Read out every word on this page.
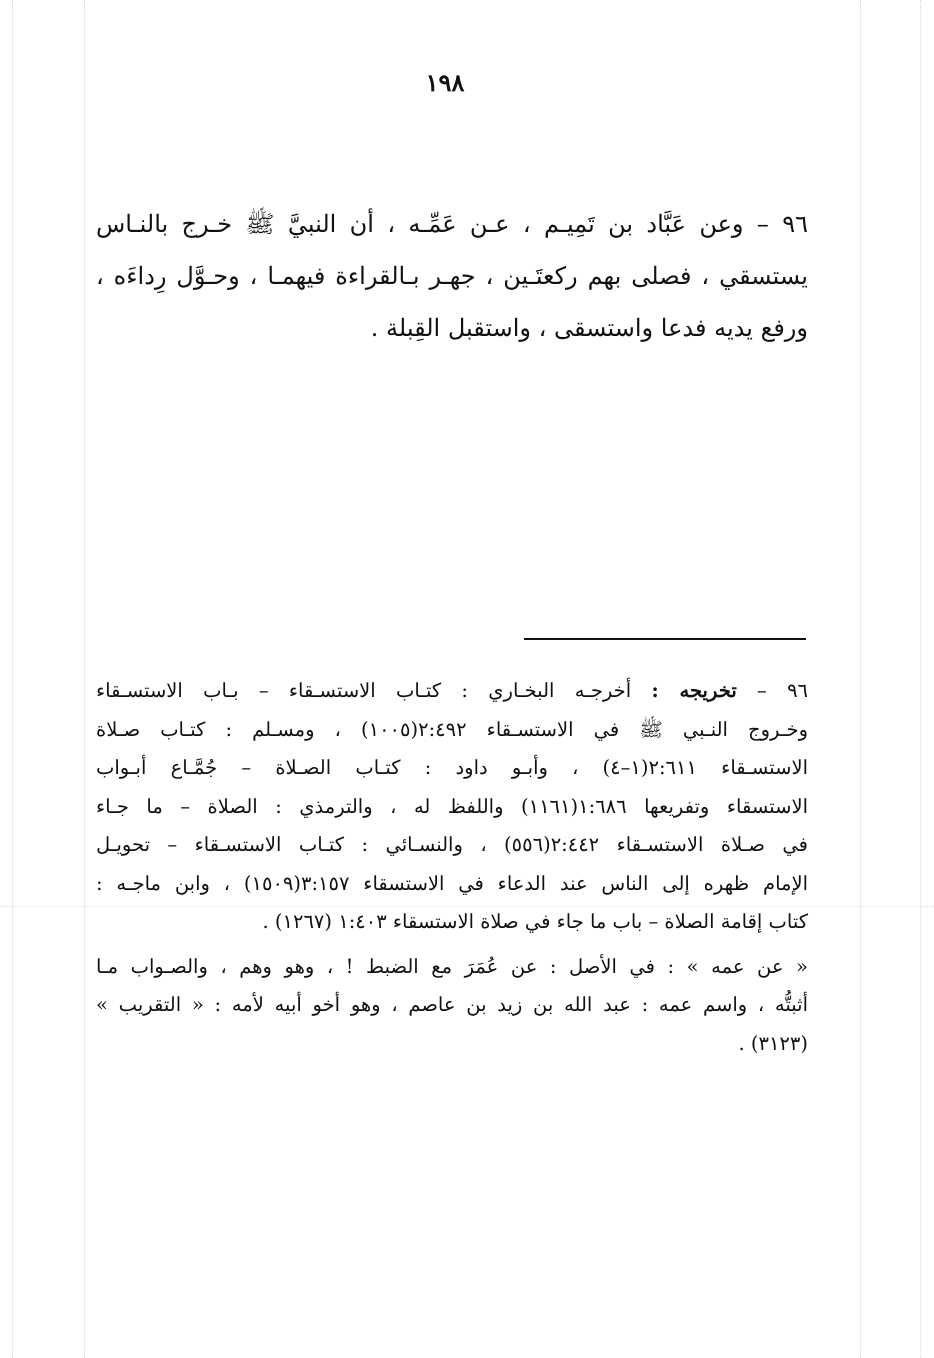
١٩٨
٩٦ – وعن عَبَّاد بن تَمِيـم ، عـن عَمِّـه ، أن النبيَّ ﷺ خـرج بالنـاس
يستسقي ، فصلى بهم ركعتَـين ، جهـر بـالقراءة فيهمـا ، وحـوَّل رِداءَه ،
ورفع يديه فدعا واستسقى ، واستقبل القِبلة .
٩٦ – تخريجه : أخرجـه البخـاري : كتـاب الاستسـقاء – بـاب الاستسـقاء
وخـروج النـبي ﷺ في الاستسـقاء ٢:٤٩٢(١٠٠٥) ، ومسـلم : كتـاب صـلاة
الاستسـقاء ٢:٦١١(١–٤) ، وأبـو داود : كتـاب الصـلاة – جُمَّـاع أبـواب
الاستسقاء وتفريعها ١:٦٨٦(١١٦١) واللفظ له ، والترمذي : الصلاة – ما جـاء
في صـلاة الاستسـقاء ٢:٤٤٢(٥٥٦) ، والنسـائي : كتـاب الاستسـقاء – تحويـل
الإمام ظهره إلى الناس عند الدعاء في الاستسقاء ٣:١٥٧(١٥٠٩) ، وابن ماجـه :
كتاب إقامة الصلاة – باب ما جاء في صلاة الاستسقاء ١:٤٠٣ (١٢٦٧) .
« عن عمه » : في الأصل : عن عُمَرَ مع الضبط ! ، وهو وهم ، والصـواب مـا
أثبتُّه ، واسم عمه : عبد الله بن زيد بن عاصم ، وهو أخو أبيه لأمه : « التقريب »
(٣١٢٣) .
